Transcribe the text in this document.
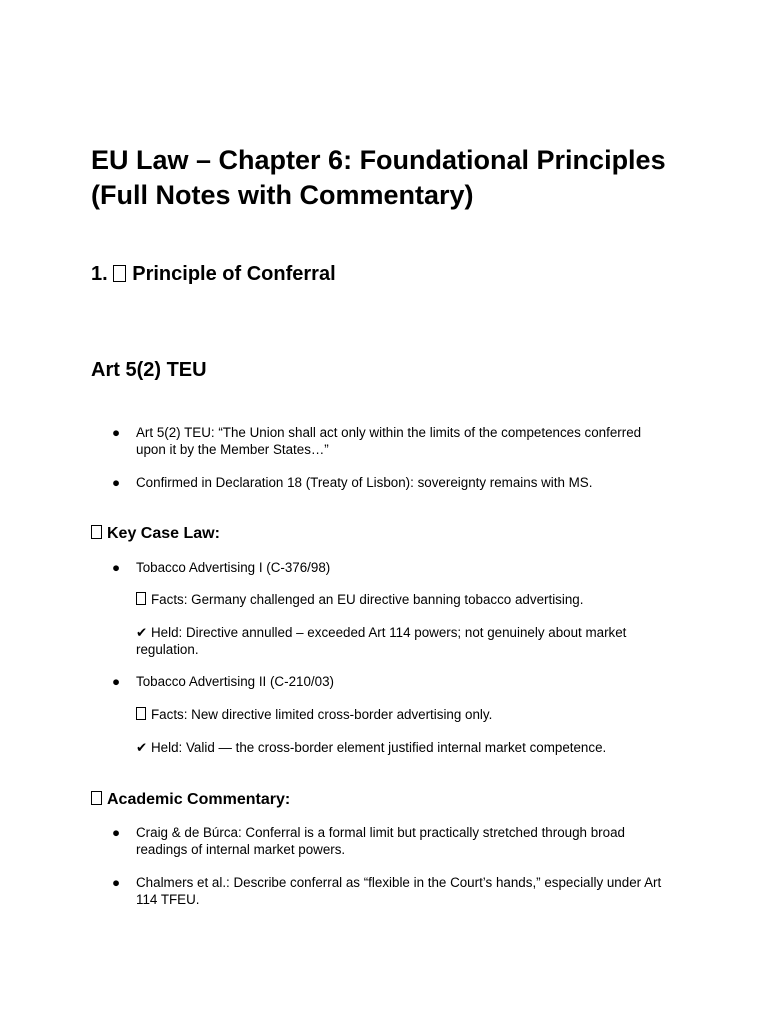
EU Law – Chapter 6: Foundational Principles (Full Notes with Commentary)
1. Principle of Conferral
Art 5(2) TEU
●	Art 5(2) TEU: “The Union shall act only within the limits of the competences conferred upon it by the Member States…”
●	Confirmed in Declaration 18 (Treaty of Lisbon): sovereignty remains with MS.
Key Case Law:
●	Tobacco Advertising I (C-376/98)
Facts: Germany challenged an EU directive banning tobacco advertising.
✔ Held: Directive annulled – exceeded Art 114 powers; not genuinely about market regulation.
●	Tobacco Advertising II (C-210/03)
Facts: New directive limited cross-border advertising only.
✔ Held: Valid — the cross-border element justified internal market competence.
Academic Commentary:
●	Craig & de Búrca: Conferral is a formal limit but practically stretched through broad readings of internal market powers.
●	Chalmers et al.: Describe conferral as “flexible in the Court’s hands,” especially under Art 114 TFEU.
